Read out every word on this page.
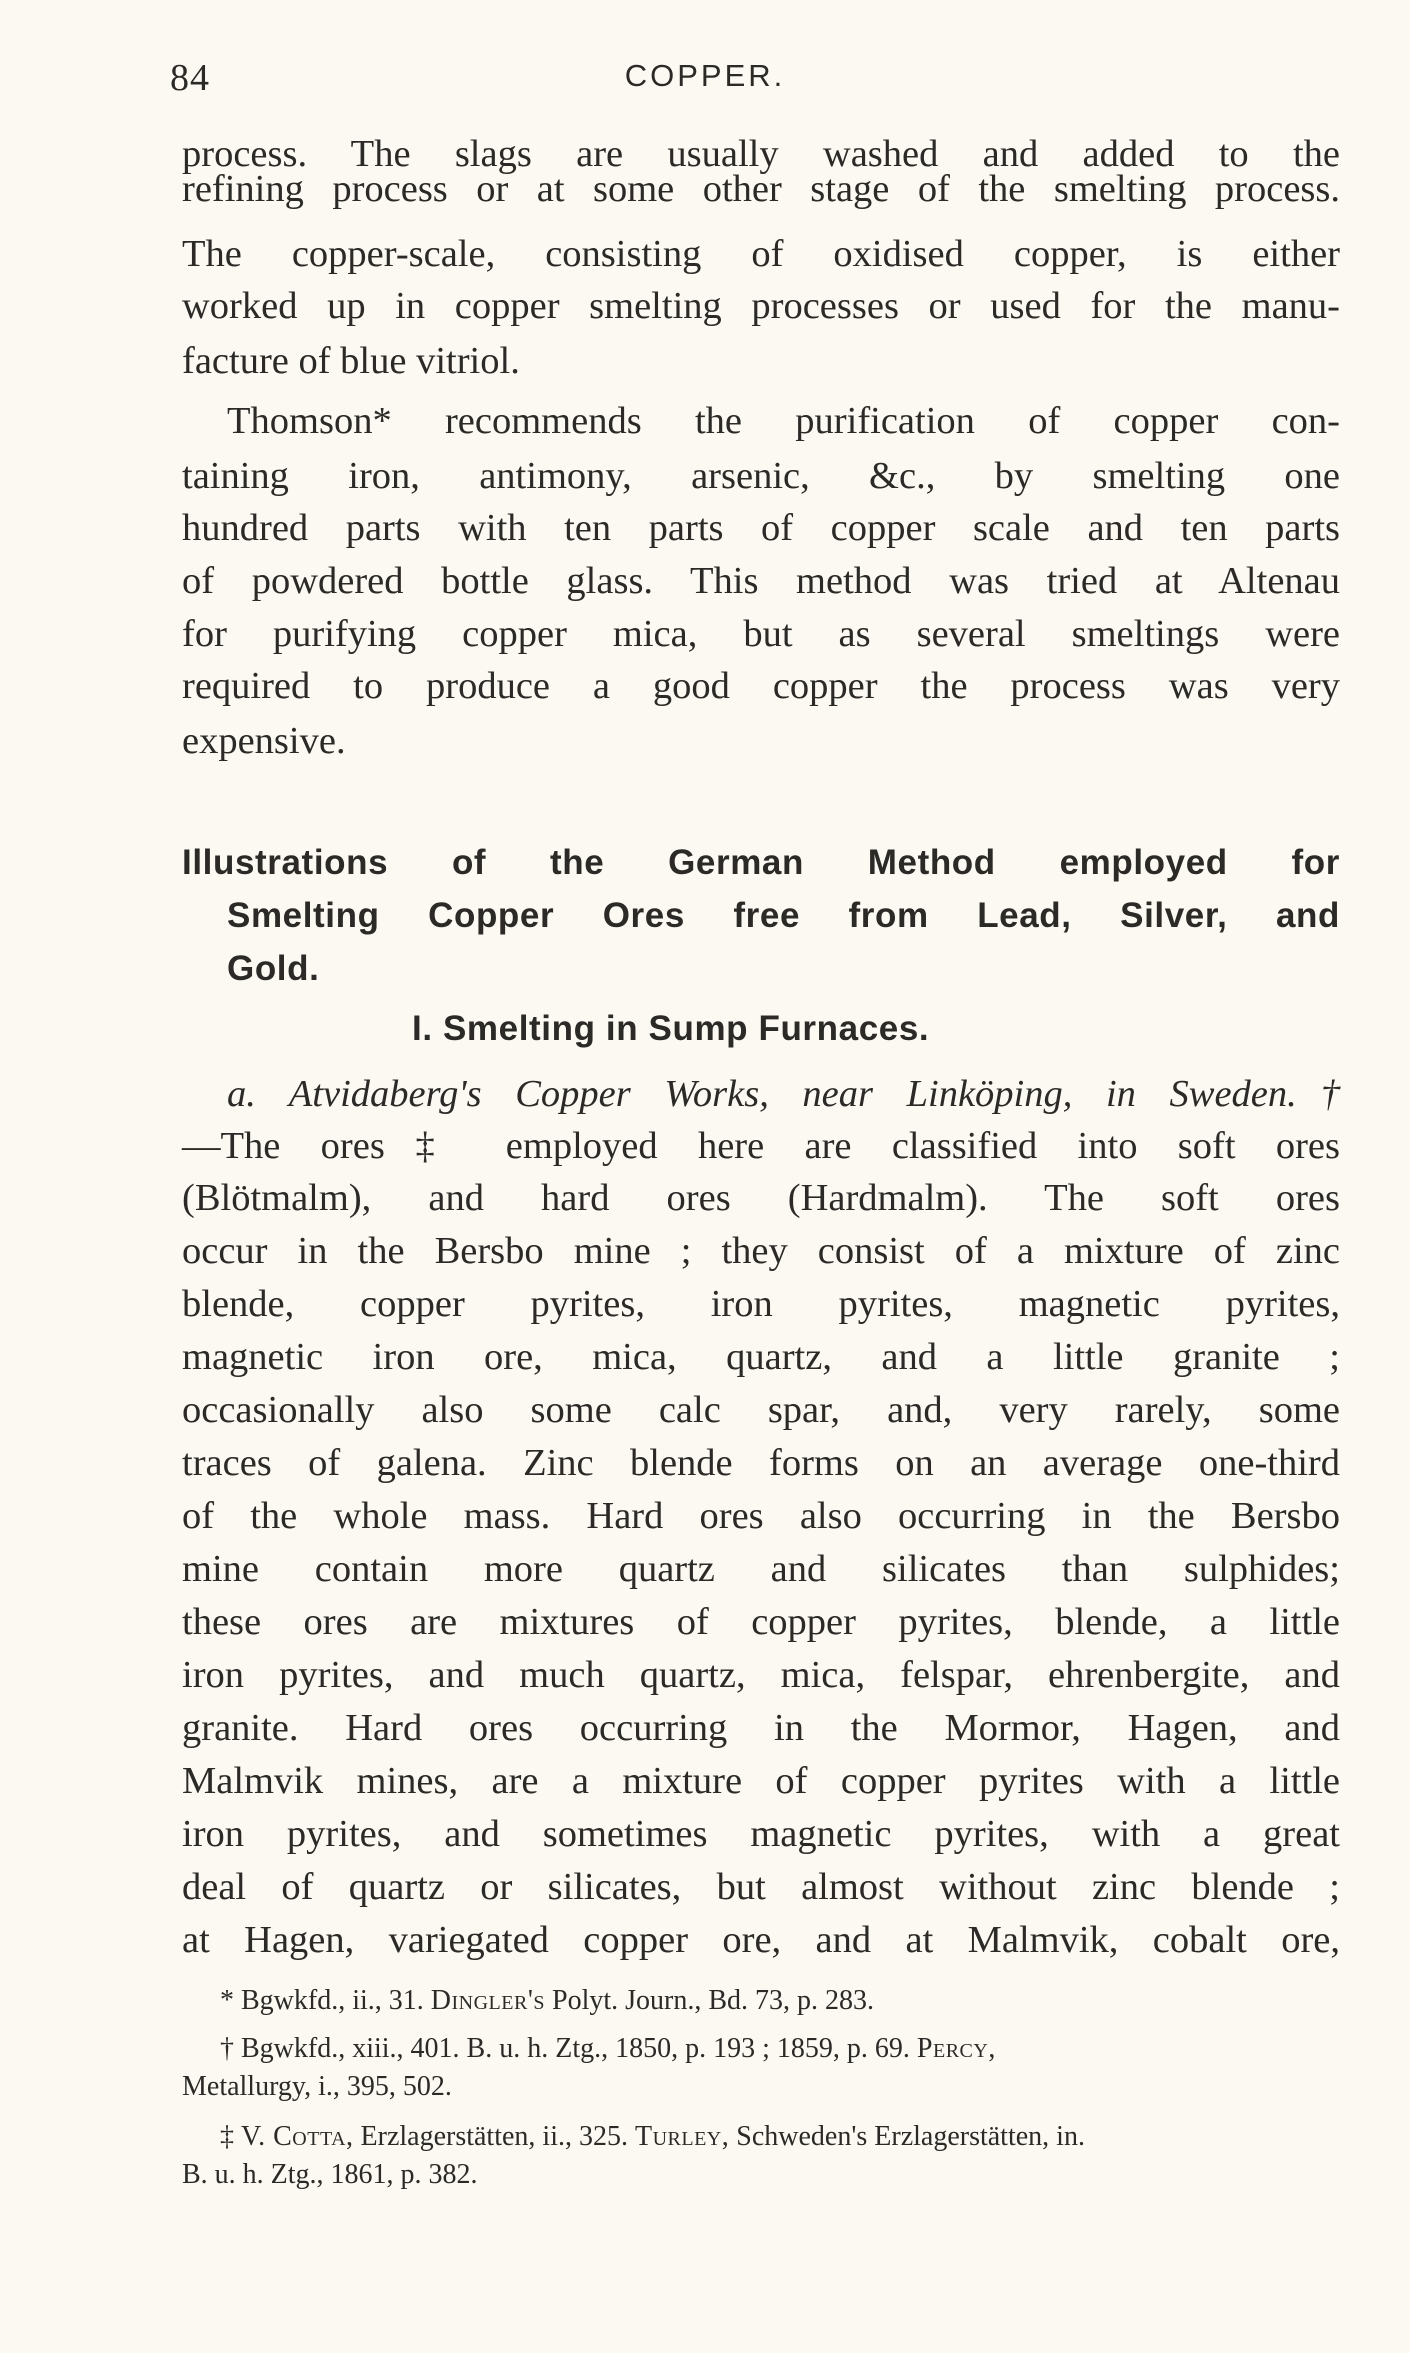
84	COPPER.
process. The slags are usually washed and added to the
refining process or at some other stage of the smelting process.
The copper-scale, consisting of oxidised copper, is either
worked up in copper smelting processes or used for the manu-
facture of blue vitriol.
Thomson* recommends the purification of copper con-
taining iron, antimony, arsenic, &c., by smelting one
hundred parts with ten parts of copper scale and ten parts
of powdered bottle glass. This method was tried at Altenau
for purifying copper mica, but as several smeltings were
required to produce a good copper the process was very
expensive.
Illustrations of the German Method employed for
Smelting Copper Ores free from Lead, Silver, and
Gold.
I. Smelting in Sump Furnaces.
a. Atvidaberg's Copper Works, near Linköping, in Sweden.†
—The ores‡ employed here are classified into soft ores
(Blötmalm), and hard ores (Hardmalm). The soft ores
occur in the Bersbo mine ; they consist of a mixture of zinc
blende, copper pyrites, iron pyrites, magnetic pyrites,
magnetic iron ore, mica, quartz, and a little granite ;
occasionally also some calc spar, and, very rarely, some
traces of galena. Zinc blende forms on an average one-third
of the whole mass. Hard ores also occurring in the Bersbo
mine contain more quartz and silicates than sulphides;
these ores are mixtures of copper pyrites, blende, a little
iron pyrites, and much quartz, mica, felspar, ehrenbergite, and
granite. Hard ores occurring in the Mormor, Hagen, and
Malmvik mines, are a mixture of copper pyrites with a little
iron pyrites, and sometimes magnetic pyrites, with a great
deal of quartz or silicates, but almost without zinc blende ;
at Hagen, variegated copper ore, and at Malmvik, cobalt ore,
* Bgwkfd., ii., 31. Dingler's Polyt. Journ., Bd. 73, p. 283.
† Bgwkfd., xiii., 401. B. u. h. Ztg., 1850, p. 193 ; 1859, p. 69. Percy,
Metallurgy, i., 395, 502.
‡ V. Cotta, Erzlagerstätten, ii., 325. Turley, Schweden's Erzlagerstätten, in.
B. u. h. Ztg., 1861, p. 382.
